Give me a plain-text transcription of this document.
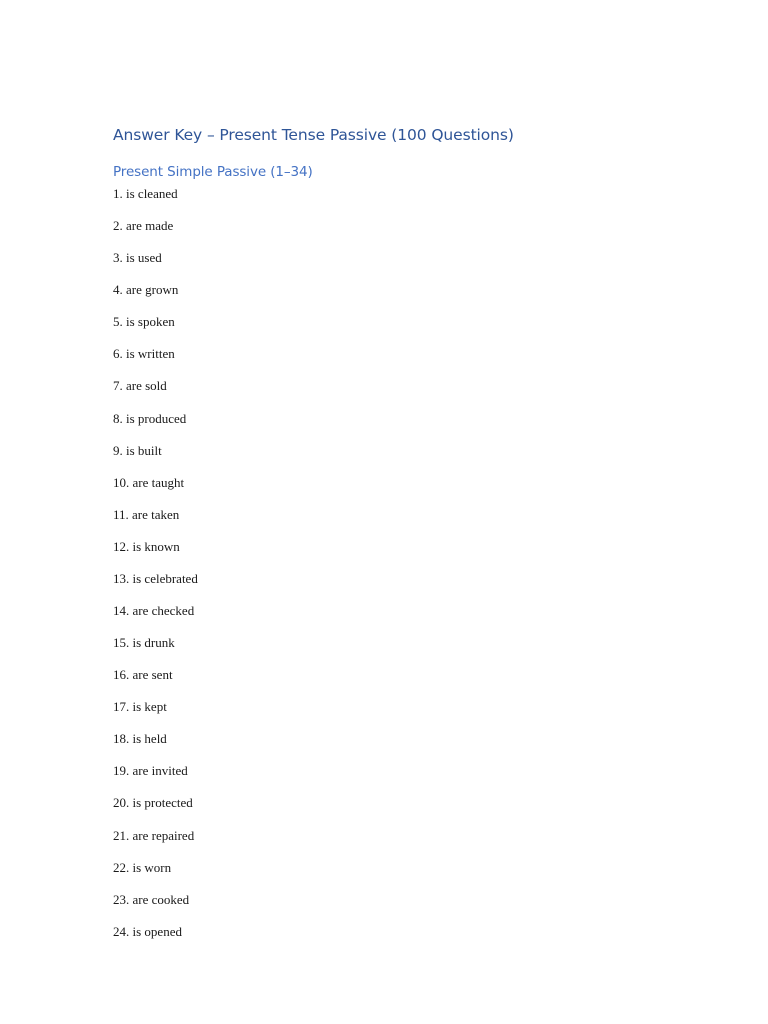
Answer Key – Present Tense Passive (100 Questions)
Present Simple Passive (1–34)
1. is cleaned
2. are made
3. is used
4. are grown
5. is spoken
6. is written
7. are sold
8. is produced
9. is built
10. are taught
11. are taken
12. is known
13. is celebrated
14. are checked
15. is drunk
16. are sent
17. is kept
18. is held
19. are invited
20. is protected
21. are repaired
22. is worn
23. are cooked
24. is opened
